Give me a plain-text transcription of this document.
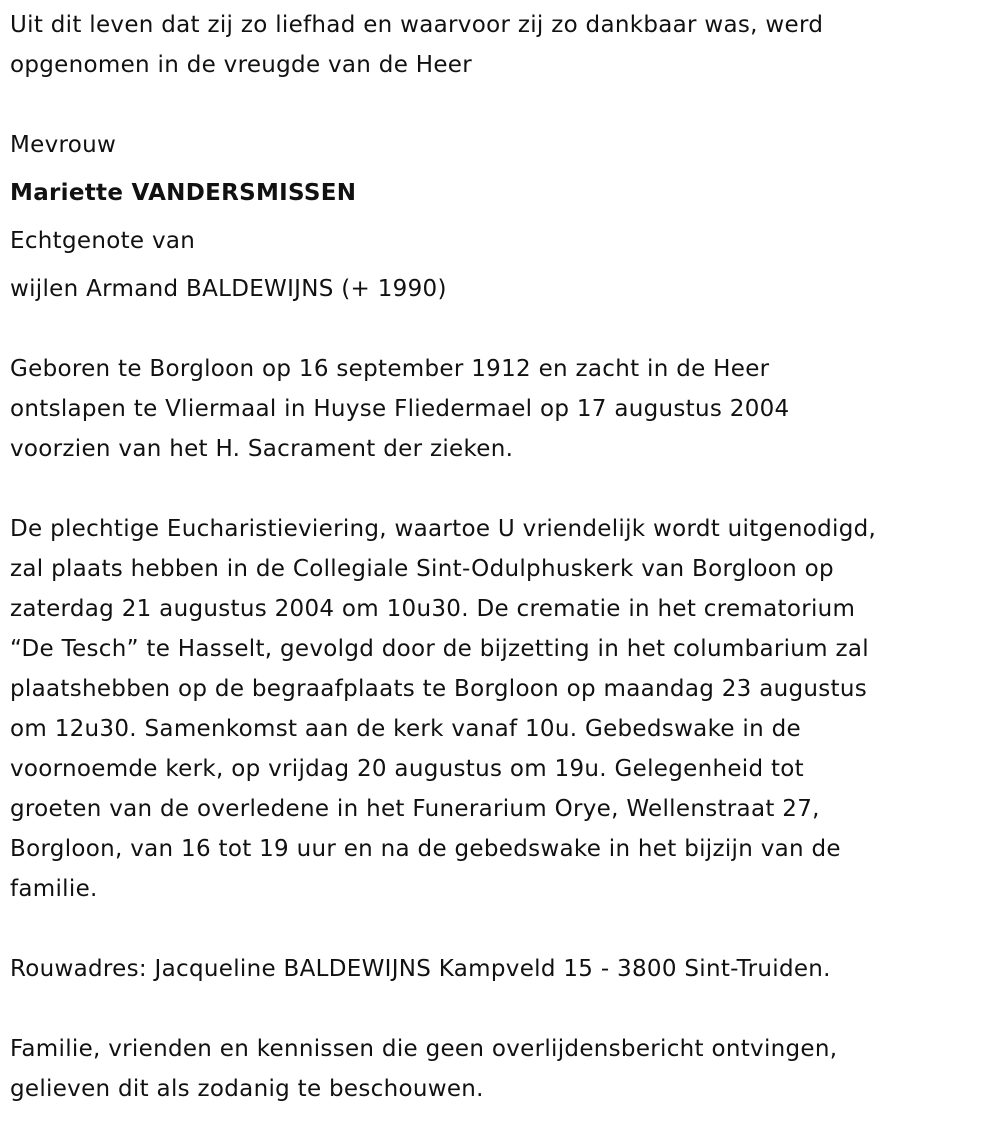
Uit dit leven dat zij zo liefhad en waarvoor zij zo dankbaar was, werd
opgenomen in de vreugde van de Heer

Mevrouw

Mariette VANDERSMISSEN

Echtgenote van

wijlen Armand BALDEWIJNS (+ 1990)

Geboren te Borgloon op 16 september 1912 en zacht in de Heer
ontslapen te Vliermaal in Huyse Fliedermael op 17 augustus 2004
voorzien van het H. Sacrament der zieken.

De plechtige Eucharistieviering, waartoe U vriendelijk wordt uitgenodigd,
zal plaats hebben in de Collegiale Sint-Odulphuskerk van Borgloon op
zaterdag 21 augustus 2004 om 10u30. De crematie in het crematorium
“De Tesch” te Hasselt, gevolgd door de bijzetting in het columbarium zal
plaatshebben op de begraafplaats te Borgloon op maandag 23 augustus
om 12u30. Samenkomst aan de kerk vanaf 10u. Gebedswake in de
voornoemde kerk, op vrijdag 20 augustus om 19u. Gelegenheid tot
groeten van de overledene in het Funerarium Orye, Wellenstraat 27,
Borgloon, van 16 tot 19 uur en na de gebedswake in het bijzijn van de
familie.

Rouwadres: Jacqueline BALDEWIJNS Kampveld 15 - 3800 Sint-Truiden.

Familie, vrienden en kennissen die geen overlijdensbericht ontvingen,
gelieven dit als zodanig te beschouwen.
